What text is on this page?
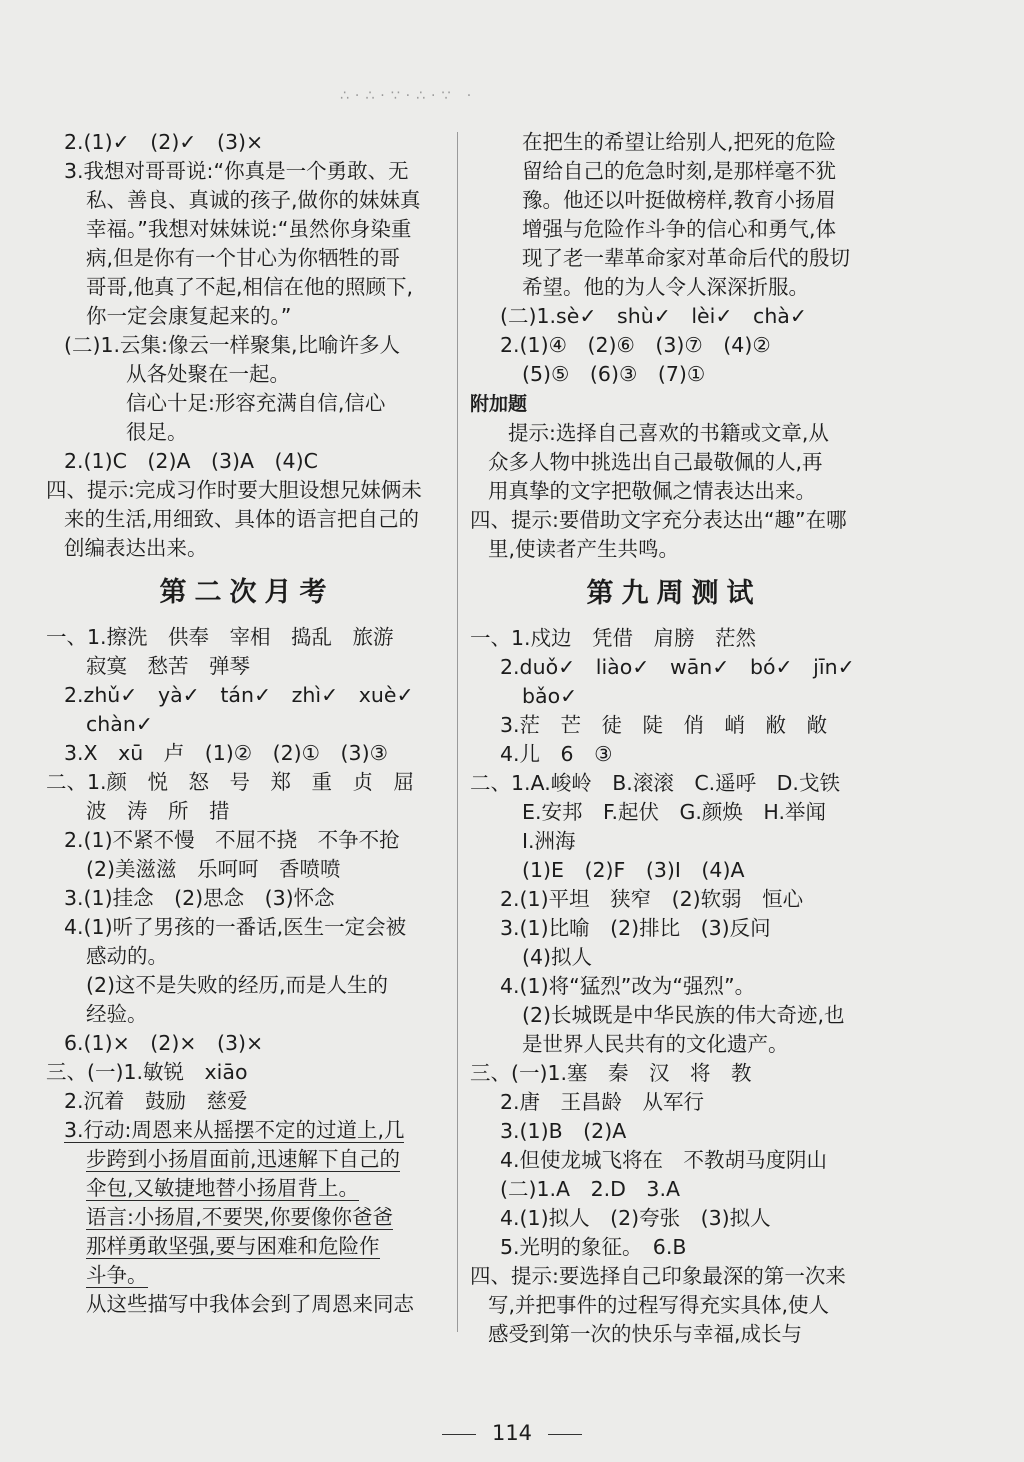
∴·∴·∵·∴·∵ ·
2.(1)✓　(2)✓　(3)×
3.我想对哥哥说:“你真是一个勇敢、无
私、善良、真诚的孩子,做你的妹妹真
幸福。”我想对妹妹说:“虽然你身染重
病,但是你有一个甘心为你牺牲的哥
哥哥,他真了不起,相信在他的照顾下,
你一定会康复起来的。”
(二)1.云集:像云一样聚集,比喻许多人
从各处聚在一起。
信心十足:形容充满自信,信心
很足。
2.(1)C　(2)A　(3)A　(4)C
四、提示:完成习作时要大胆设想兄妹俩未
来的生活,用细致、具体的语言把自己的
创编表达出来。
第二次月考
一、1.擦洗　供奉　宰相　捣乱　旅游
寂寞　愁苦　弹琴
2.zhǔ✓　yà✓　tán✓　zhì✓　xuè✓
chàn✓
3.X　xū　卢　(1)②　(2)①　(3)③
二、1.颜　悦　怒　号　郑　重　贞　屈
波　涛　所　措
2.(1)不紧不慢　不屈不挠　不争不抢
(2)美滋滋　乐呵呵　香喷喷
3.(1)挂念　(2)思念　(3)怀念
4.(1)听了男孩的一番话,医生一定会被
感动的。
(2)这不是失败的经历,而是人生的
经验。
6.(1)×　(2)×　(3)×
三、(一)1.敏锐　xiāo
2.沉着　鼓励　慈爱
3.行动:周恩来从摇摆不定的过道上,几
步跨到小扬眉面前,迅速解下自己的
伞包,又敏捷地替小扬眉背上。
语言:小扬眉,不要哭,你要像你爸爸
那样勇敢坚强,要与困难和危险作
斗争。
从这些描写中我体会到了周恩来同志
在把生的希望让给别人,把死的危险
留给自己的危急时刻,是那样毫不犹
豫。他还以叶挺做榜样,教育小扬眉
增强与危险作斗争的信心和勇气,体
现了老一辈革命家对革命后代的殷切
希望。他的为人令人深深折服。
(二)1.sè✓　shù✓　lèi✓　chà✓
2.(1)④　(2)⑥　(3)⑦　(4)②
(5)⑤　(6)③　(7)①
附加题
提示:选择自己喜欢的书籍或文章,从
众多人物中挑选出自己最敬佩的人,再
用真挚的文字把敬佩之情表达出来。
四、提示:要借助文字充分表达出“趣”在哪
里,使读者产生共鸣。
第九周测试
一、1.戍边　凭借　肩膀　茫然
2.duǒ✓　liào✓　wān✓　bó✓　jīn✓
bǎo✓
3.茫　芒　徒　陡　俏　峭　敝　敞
4.儿　6　③
二、1.A.峻岭　B.滚滚　C.遥呼　D.戈铁
E.安邦　F.起伏　G.颜焕　H.举闻
I.洲海
(1)E　(2)F　(3)I　(4)A
2.(1)平坦　狭窄　(2)软弱　恒心
3.(1)比喻　(2)排比　(3)反问
(4)拟人
4.(1)将“猛烈”改为“强烈”。
(2)长城既是中华民族的伟大奇迹,也
是世界人民共有的文化遗产。
三、(一)1.塞　秦　汉　将　教
2.唐　王昌龄　从军行
3.(1)B　(2)A
4.但使龙城飞将在　不教胡马度阴山
(二)1.A　2.D　3.A
4.(1)拟人　(2)夸张　(3)拟人
5.光明的象征。　6.B
四、提示:要选择自己印象最深的第一次来
写,并把事件的过程写得充实具体,使人
感受到第一次的快乐与幸福,成长与
114
